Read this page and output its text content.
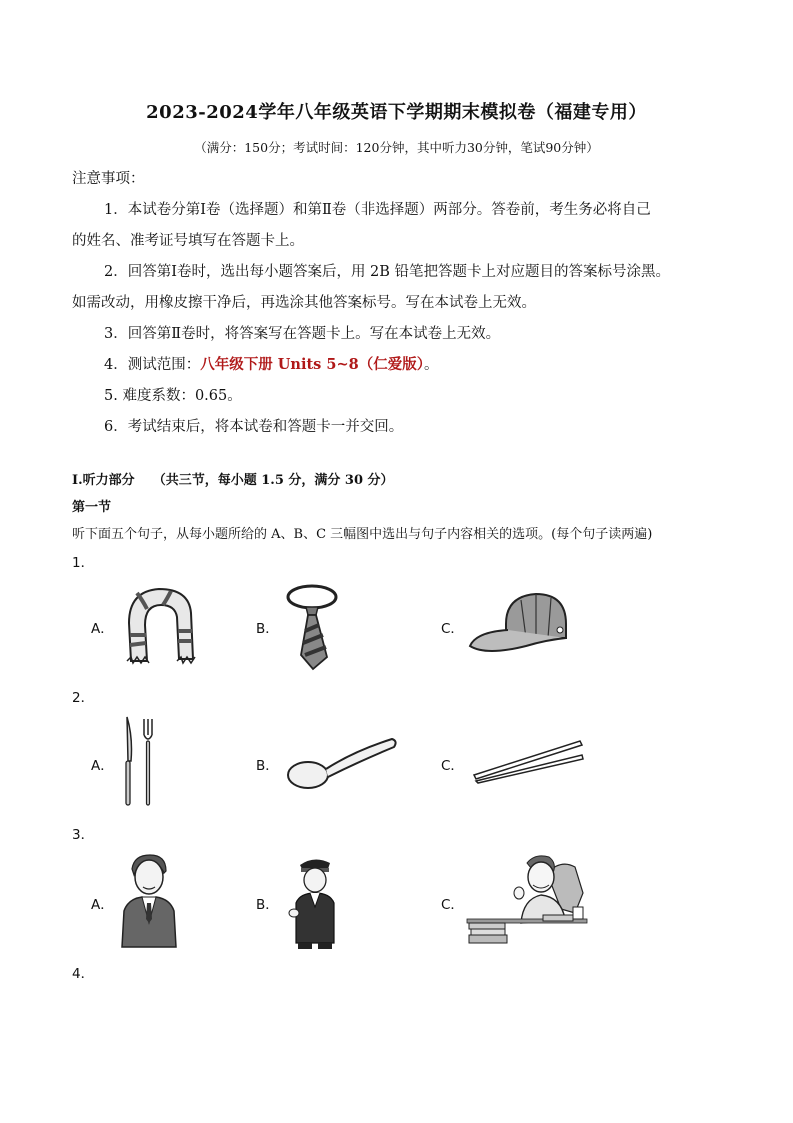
2023-2024学年八年级英语下学期期末模拟卷（福建专用）
（满分：150分；考试时间：120分钟，其中听力30分钟，笔试90分钟）
注意事项：
1．本试卷分第Ⅰ卷（选择题）和第Ⅱ卷（非选择题）两部分。答卷前，考生务必将自己
的姓名、准考证号填写在答题卡上。
2．回答第Ⅰ卷时，选出每小题答案后，用 2B 铅笔把答题卡上对应题目的答案标号涂黑。
如需改动，用橡皮擦干净后，再选涂其他答案标号。写在本试卷上无效。
3．回答第Ⅱ卷时，将答案写在答题卡上。写在本试卷上无效。
4．测试范围：八年级下册 Units 5~8（仁爱版）。
5. 难度系数：0.65。
6．考试结束后，将本试卷和答题卡一并交回。
Ⅰ.听力部分 （共三节，每小题 1.5 分，满分 30 分）
第一节
听下面五个句子，从每小题所给的 A、B、C 三幅图中选出与句子内容相关的选项。(每个句子读两遍)
1．
A．	B．	C．
2．
A．	B．	C．
3．
A．	B．	C．
4．
